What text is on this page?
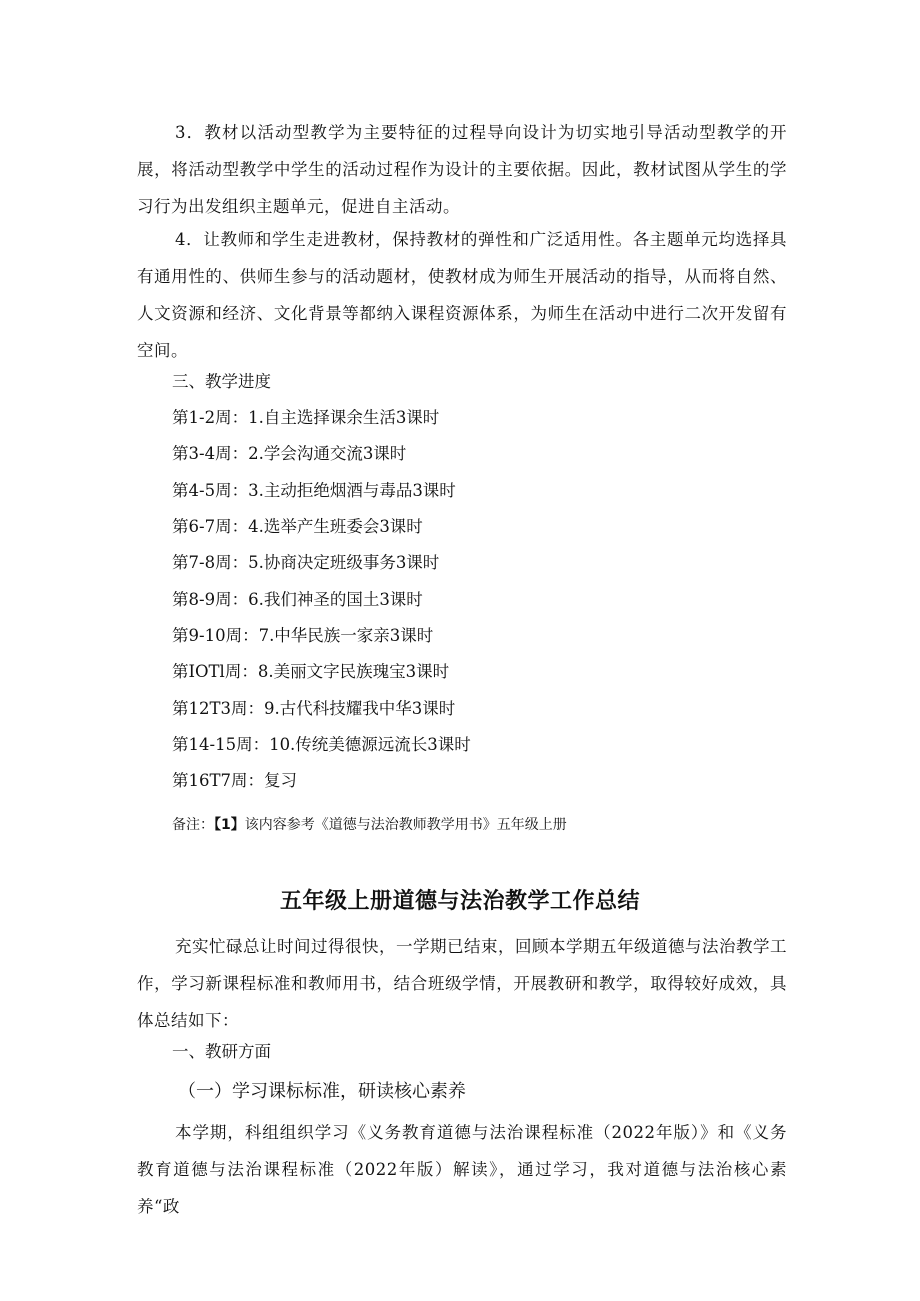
3．教材以活动型教学为主要特征的过程导向设计为切实地引导活动型教学的开展，将活动型教学中学生的活动过程作为设计的主要依据。因此，教材试图从学生的学习行为出发组织主题单元，促进自主活动。

4．让教师和学生走进教材，保持教材的弹性和广泛适用性。各主题单元均选择具有通用性的、供师生参与的活动题材，使教材成为师生开展活动的指导，从而将自然、人文资源和经济、文化背景等都纳入课程资源体系，为师生在活动中进行二次开发留有空间。

三、教学进度

第1-2周：1.自主选择课余生活3课时

第3-4周：2.学会沟通交流3课时

第4-5周：3.主动拒绝烟酒与毒品3课时

第6-7周：4.选举产生班委会3课时

第7-8周：5.协商决定班级事务3课时

第8-9周：6.我们神圣的国土3课时

第9-10周：7.中华民族一家亲3课时

第IOTl周：8.美丽文字民族瑰宝3课时

第12T3周：9.古代科技耀我中华3课时

第14-15周：10.传统美德源远流长3课时

第16T7周：复习

备注：【1】该内容参考《道德与法治教师教学用书》五年级上册

五年级上册道德与法治教学工作总结

充实忙碌总让时间过得很快，一学期已结束，回顾本学期五年级道德与法治教学工作，学习新课程标准和教师用书，结合班级学情，开展教研和教学，取得较好成效，具体总结如下：

一、教研方面

（一）学习课标标准，研读核心素养

本学期，科组组织学习《义务教育道德与法治课程标准（2022年版）》和《义务教育道德与法治课程标准（2022年版）解读》，通过学习，我对道德与法治核心素养“政
